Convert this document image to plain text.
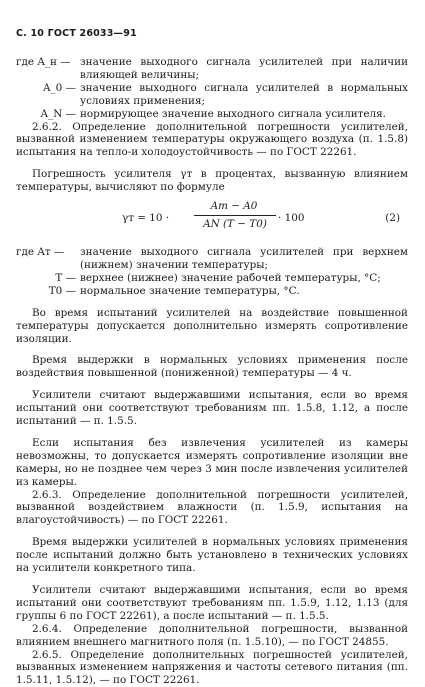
С. 10 ГОСТ 26033—91
где A_н — значение выходного сигнала усилителей при наличии влияющей величины;
A_0 — значение выходного сигнала усилителей в нормальных условиях применения;
A_N — нормирующее значение выходного сигнала усилителя.

2.6.2. Определение дополнительной погрешности усилителей, вызванной изменением температуры окружающего воздуха (п. 1.5.8) испытания на тепло-и холодоустойчивость — по ГОСТ 22261.

Погрешность усилителя γт в процентах, вызванную влиянием температуры, вычисляют по формуле

γт = 10 ·
Aт − A0
AN (T − T0)	· 100	(2)
где Aт —	значение выходного сигнала усилителей при верхнем (нижнем) значении температуры;
T — верхнее (нижнее) значение рабочей температуры, °С;
T0 — нормальное значение температуры, °С.

Во время испытаний усилителей на воздействие повышенной температуры допускается дополнительно измерять сопротивление изоляции.

Время выдержки в нормальных условиях применения после воздействия повышенной (пониженной) температуры — 4 ч.

Усилители считают выдержавшими испытания, если во время испытаний они соответствуют требованиям пп. 1.5.8, 1.12, а после испытаний — п. 1.5.5.

Если испытания без извлечения усилителей из камеры невозможны, то допускается измерять сопротивление изоляции вне камеры, но не позднее чем через 3 мин после извлечения усилителей из камеры.

2.6.3. Определение дополнительной погрешности усилителей, вызванной воздействием влажности (п. 1.5.9, испытания на влагоустойчивость) — по ГОСТ 22261.

Время выдержки усилителей в нормальных условиях применения после испытаний должно быть установлено в технических условиях на усилители конкретного типа.

Усилители считают выдержавшими испытания, если во время испытаний они соответствуют требованиям пп. 1.5.9, 1.12, 1.13 (для группы 6 по ГОСТ 22261), а после испытаний — п. 1.5.5.

2.6.4. Определение дополнительной погрешности, вызванной влиянием внешнего магнитного поля (п. 1.5.10), — по ГОСТ 24855.

2.6.5. Определение дополнительных погрешностей усилителей, вызванных изменением напряжения и частоты сетевого питания (пп. 1.5.11, 1.5.12), — по ГОСТ 22261.
